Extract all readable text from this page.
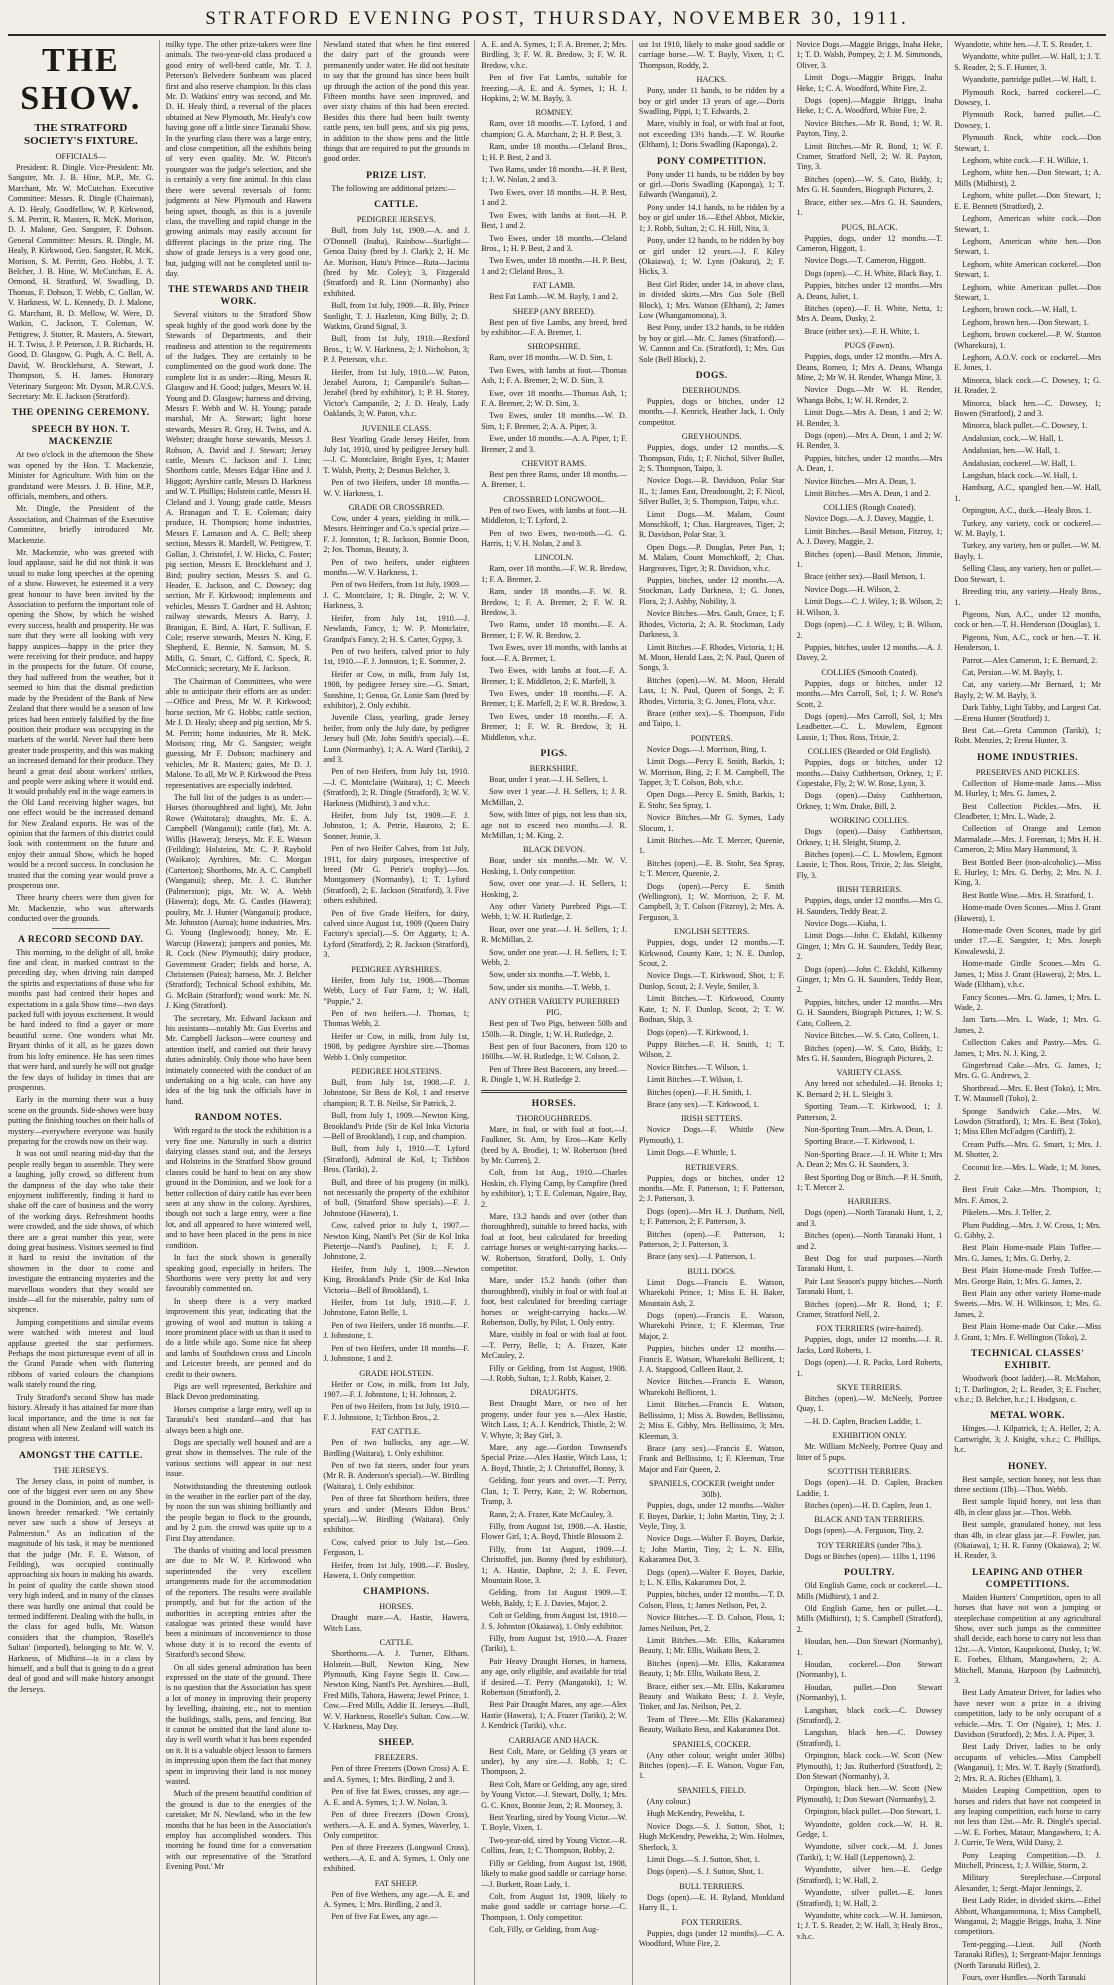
STRATFORD EVENING POST, THURSDAY, NOVEMBER 30, 1911.
THE SHOW.
THE STRATFORD SOCIETY'S FIXTURE.
OFFICIALS—

President: R. Dingle. Vice-President: Mr. Sangster, Mr. J. B. Hine, M.P., Mr. G. Marchant, Mr. W. McCutchan. Executive Committee: Messrs. R. Dingle (Chairman), A. D. Healy, Goodfellow, W. P. Kirkwood, S. M. Perritt, R. Masters, R. McK. Morison, D. J. Malone, Geo. Sangster, F. Dobson. General Committee: Messrs. R. Dingle, M. Healy, P. Kirkwood, Geo. Sangster, R. McK. Morison, S. M. Perritt, Geo. Hobbs, J. T. Belcher, J. B. Hine, W. McCutchan, E. A. Ormond, H. Stratford, W. Swadling, D. Thomas, F. Dobson, T. Webb, C. Gollan, W. V. Harkness, W. L. Kennedy, D. J. Malone, G. Marchant, R. D. Mellow, W. Were, D. Watkin, C. Jackson, T. Coleman, W. Pettigrew, J. Stotter, R. Masters, A. Stewart, H. T. Twiss, J. P. Peterson, J. B. Richards, H. Good, D. Glasgow, G. Pugh, A. C. Bell, A. David, W. Brocklehurst, A. Stewart, J. Thompson, S. H. James. Honorary Veterinary Surgeon: Mr. Dyson, M.R.C.V.S. Secretary: Mr. E. Jackson (Stratford).

THE OPENING CEREMONY.
SPEECH BY HON. T. MACKENZIE

At two o'clock in the afternoon the Show was opened by the Hon. T. Mackenzie, Minister for Agriculture. With him on the grandstand were Messrs. J. B. Hine, M.P., officials, members, and others.

Mr. Dingle, the President of the Association, and Chairman of the Executive Committee, briefly introduced Mr. Mackenzie.

Mr. Mackenzie, who was greeted with loud applause, said he did not think it was usual to make long speeches at the opening of a show. However, he esteemed it a very great honour to have been invited by the Association to perform the important role of opening the Show, by which he wished every success, health and prosperity. He was sure that they were all looking with very happy auspices—happy in the price they were receiving for their produce, and happy in the prospects for the future. Of course, they had suffered from the weather, but it seemed to him that the dismal prediction made by the President of the Bank of New Zealand that there would be a season of low prices had been entirely falsified by the fine position their produce was occupying in the markets of the world. Never had there been greater trade prosperity, and this was making an increased demand for their produce. They heard a great deal about workers' strikes, and people were asking where it would end. It would probably end in the wage earners in the Old Land receiving higher wages, but one effect would be the increased demand for New Zealand exports. He was of the opinion that the farmers of this district could look with contentment on the future and enjoy their annual Show, which he hoped would be a record success. In conclusion he trusted that the coming year would prove a prosperous one.

Three hearty cheers were then given for Mr. Mackenzie, who was afterwards conducted over the grounds.

A RECORD SECOND DAY.

This morning, to the delight of all, broke fine and clear, in marked contrast to the preceding day, when driving rain damped the spirits and expectations of those who for months past had centred their hopes and expectations in a gala Show time—two days packed full with joyous excitement. It would be hard indeed to find a gayer or more beautiful scene. One wonders what Mr. Bryant thinks of it all, as he gazes down from his lofty eminence. He has seen times that were hard, and surely he will not grudge the few days of holiday in times that are prosperous.

Early in the morning there was a busy scene on the grounds. Side-shows were busy putting the finishing touches on their halls of mystery—everywhere everyone was busily preparing for the crowds now on their way.

It was not until nearing mid-day that the people really began to assemble. They were a laughing, jolly crowd, so different from the dampness of the day who take their enjoyment indifferently, finding it hard to shake off the care of business and the worry of the working days. Refreshment booths were crowded, and the side shows, of which there are a great number this year, were doing great business. Visitors seemed to find it hard to resist the invitation of the showmen in the door to come and investigate the entrancing mysteries and the marvellous wonders that they would see inside—all for the miserable, paltry sum of sixpence.

Jumping competitions and similar events were watched with interest and loud applause greeted the star performers. Perhaps the most picturesque event of all in the Grand Parade when with fluttering ribbons of varied colours the champions walk stately round the ring.

Truly Stratford's second Show has made history. Already it has attained far more than local importance, and the time is not far distant when all New Zealand will watch its progress with interest.

AMONGST THE CATTLE.
THE JERSEYS.

The Jersey class, in point of number, is one of the biggest ever seen on any Show ground in the Dominion, and, as one well-known breeder remarked: "We certainly never saw such a show of Jerseys at Palmerston." As an indication of the magnitude of his task, it may be mentioned that the judge (Mr. F. E. Watson, of Feilding), was occupied continually approaching six hours in making his awards. In point of quality the cattle shown stood very high indeed, and in many of the classes there was hardly one animal that could be termed indifferent. Dealing with the bulls, in the class for aged bulls, Mr. Watson considers that the champion, 'Roselle's Sultan' (imported), belonging to Mr. W. V. Harkness, of Midhirst—is in a class by himself, and a bull that is going to do a great deal of good and will make history amongst the Jerseys.

milky type. The other prize-takers were fine animals. The two-year-old class produced a good entry of well-bred cattle, Mr. T. J. Peterson's Belvedere Sunbeam was placed first and also reserve champion. In this class Mr. D. Watkins' entry was second, and Mr. D. H. Healy third, a reversal of the places obtained at New Plymouth, Mr. Healy's cow having gone off a little since Taranaki Show. In the yearling class there was a large entry, and close competition, all the exhibits being of very even quality. Mr. W. Pitcon's youngster was the judge's selection, and she is certainly a very fine animal. In this class there were several reversals of form: judgments at New Plymouth and Hawera being upset, though, as this is a juvenile class, the travelling and rapid change in the growing animals may easily account for different placings in the prize ring. The show of grade Jerseys is a very good one, but, judging will not be completed until to-day.

THE STEWARDS AND THEIR WORK.

Several visitors to the Stratford Show speak highly of the good work done by the Stewards of Departments, and their readiness and attention to the requirements of the Judges. They are certainly to be complimented on the good work done. The complete list is as under:—Ring, Messrs R. Glasgow and H. Good; judges, Messrs W. H. Young and D. Glasgow; harness and driving, Messrs F. Webb and W. H. Young; parade marshal, Mr A. Stewart; light horse stewards, Messrs R. Gray, H. Twiss, and A. Webster; draught horse stewards, Messrs J. Robson, A. David and J. Stewart; Jersey cattle, Messrs C. Jackson and J. Linn; Shorthorn cattle, Messrs Edgar Hine and J. Higgott; Ayrshire cattle, Messrs D. Harkness and W. T. Phillips; Holstein cattle, Messrs H. Cleland and J. Young; grade cattle, Messrs A. Branagan and T. E. Coleman; dairy produce, H. Thompson; home industries, Messrs F. Lamason and A. C. Bell; sheep section, Messrs R. Mardell, W. Pettigrew, T. Gollan, J. Christofel, J. W. Hicks, C. Foster; pig section, Messrs E. Brocklehurst and J. Bird; poultry section, Messrs S. and G. Header, E. Jackson, and C. Dowsey; dog section, Mr F. Kirkwood; implements and vehicles, Messrs T. Gardner and H. Ashton; railway stewards, Messrs A. Barry, J. Branigan, E. Bird, A. Hart, F. Sullivan, F. Cole; reserve stewards, Messrs N. King, F. Shepherd, E. Bennie, N. Samson, M. S. Mills, G. Smart, C. Gifford, C. Speck, R. McCormick; secretary, Mr E. Jackson.

The Chairman of Committees, who were able to anticipate their efforts are as under:—Office and Press, Mr W. P. Kirkwood; horse section, Mr G. Hobbs; cattle section, Mr J. D. Healy; sheep and pig section, Mr S. M. Perritt; home industries, Mr R. McK. Morison; ring, Mr G. Sangster; weight guessing, Mr F. Dobson; machinery and vehicles, Mr R. Masters; gates, Mr D. J. Malone. To all, Mr W. P. Kirkwood the Press representatives are especially indebted.

The full list of the judges is as under:—Horses (thoroughbred and light), Mr. John Rowe (Waitotara); draughts, Mr. E. A. Campbell (Wanganui); cattle (fat), Mr. A. Willis (Hawera); Jerseys, Mr. F. E. Watson (Feilding); Holsteins, Mr. C. P. Raybold (Waikato); Ayrshires, Mr. C. Morgan (Carterton); Shorthorns, Mr. A. C. Campbell (Wanganui); sheep, Mr. J. C. Butcher (Palmerston); pigs, Mr. W. A. Webb (Hawera); dogs, Mr. G. Castles (Hawera); poultry, Mr. J. Hunter (Wanganui); produce, Mr. Johnston (Auroa); home industries, Mrs. G. Young (Inglewood); honey, Mr. E. Warcup (Hawera); jumpers and ponies, Mr. R. Cock (New Plymouth); dairy produce, Government Grader; fields and horse, A. Christensen (Patea); harness, Mr. J. Belcher (Stratford); Technical School exhibits, Mr. G. McBain (Stratford); wood work: Mr. N. J. King (Stratford).

The secretary, Mr. Edward Jackson and his assistants—notably Mr. Gus Everiss and Mr. Campbell Jackson—were courtesy and attention itself, and carried out their heavy duties admirably. Only those who have been intimately connected with the conduct of an undertaking on a big scale, can have any idea of the big task the officials have in hand.

RANDOM NOTES.

With regard to the stock the exhibition is a very fine one. Naturally in such a district dairying classes stand out, and the Jerseys and Holsteins in the Stratford Show ground classes could be hard to beat on any show ground in the Dominion, and we look for a better collection of dairy cattle has ever been seen at any show in the colony. Ayrshires, though not such a large entry, were a fine lot, and all appeared to have wintered well, and to have been placed in the pens in nice condition.

In fact the stock shown is generally speaking good, especially in heifers. The Shorthorns were very pretty lot and very favourably commented on.

In sheep there is a very marked improvement this year, indicating that the growing of wool and mutton is taking a more prominent place with us than it used to do a little while ago. Some nice fat sheep and lambs of Southdown cross and Lincoln and Leicester breeds, are penned and do credit to their owners.

Pigs are well represented, Berkshire and Black Devon predominating.

Horses comprise a large entry, well up to Taranaki's best standard—and that has always been a high one.

Dogs are specially well housed and are a great show in themselves. The rule of the various sections will appear in our next issue.

Notwithstanding the threatening outlook in the weather in the earlier part of the day, by noon the sun was shining brilliantly and the people began to flock to the grounds, and by 2 p.m. the crowd was quite up to a First Day attendance.

The thanks of visiting and local pressmen are due to Mr W. P. Kirkwood who superintended the very excellent arrangements made for the accommodation of the reporters. The results were available promptly, and but for the action of the authorities in accepting entries after the catalogue was printed these would have been a minimum of inconvenience to those whose duty it is to record the events of Stratford's second Show.

On all sides general admiration has been expressed on the state of the ground. There is no question that the Association has spent a lot of money in improving their property by levelling, draining, etc., not to mention the buildings, stalls, pens, and fencing. But it cannot be omitted that the land alone to-day is well worth what it has been expended on it. It is a valuable object lesson to farmers in impressing upon them the fact that money spent in improving their land is not money wasted.

Much of the present beautiful condition of the ground is due to the energies of the caretaker, Mr N. Newland, who in the few months that he has been in the Association's employ has accomplished wonders. This morning he found time for a conversation with our representative of the 'Stratford Evening Post.' Mr

Newland stated that when he first entered the dairy part of the grounds were permanently under water. He did not hesitate to say that the ground has since been built up through the action of the pond this year. Fifteen months have seen improved, and over sixty chains of this had been erected. Besides this there had been built twenty cattle pens, ten bull pens, and six pig pens, in addition to the show pens and the little things that are required to put the grounds in good order.

PRIZE LIST.

The following are additional prizes:—

CATTLE.
PEDIGREE JERSEYS.

Bull, from July 1st, 1909.—A. and J. O'Donnell (Inaha), Rainbow—Starlight—Genoa Daisy (bred by J. Clark); 2, H. Mc Ae. Morison, Hatu's Prince—Ruta—Jacinta (bred by Mr. Coley); 3, Fitzgerald (Stratford) and R. Linn (Normanby) also exhibited.

Bull, from 1st July, 1909.—R. Bly, Prince Sunlight, T. J. Hazleton, King Billy, 2; D. Watkins, Grand Signal, 3.

Bull, from 1st July, 1910.—Rexford Bros., 1; W. V. Harkness, 2; J. Nicholson, 3; P. J. Peterson, v.h.c.

Heifer, from 1st July, 1910.—W. Paton, Jezabel Aurora, 1; Campanile's Sultan—Jezabel (bred by exhibitor), 1; P. H. Storey, Victor's Campanile, 2; J. D. Healy, Lady Oaklands, 3; W. Paton, v.h.c.

JUVENILE CLASS.

Best Yearling Grade Jersey Heifer, from July 1st, 1910, sired by pedigree Jersey bull.—J. C. Montclaire, Bright Eyes, 1; Master T. Walsh, Pretty, 2; Desmus Belcher, 3.

Pen of two Heifers, under 18 months.—W. V. Harkness, 1.

GRADE OR CROSSBRED.

Cow, under 4 years, yielding in milk.—Messrs. Heitringer and Co.'s special prize.—F. J. Jonnston, 1; R. Jackson, Bonnie Doon, 2; Jos. Thomas, Beauty, 3.

Pen of two heifers, under eighteen months.—W. V. Harkness, 1.

Pen of two Heifers, from 1st July, 1909.—J. C. Montclaire, 1; R. Dingle, 2; W. V. Harkness, 3.

Heifer, from July 1st, 1910.—J. Newlands, Fancy, 1; W. P. Montclaire, Grandpa's Fancy, 2; H. S. Carter, Gypsy, 3.

Pen of two heifers, calved prior to July 1st, 1910.—F. J. Jonnston, 1; E. Sommer, 2.

Heifer or Cow, in milk, from July 1st, 1908, by pedigree Jersey sire.—G. Smart, Sunshine, 1; Genoa, Gr. Lonie Sam (bred by exhibitor), 2. Only exhibit.

Juvenile Class, yearling, grade Jersey heifer, from only the July date, by pedigree Jersey bull (Mr. John Smith's special).—E. Lunn (Normanby), 1; A. A. Ward (Tariki), 2 and 3.

Pen of two Heifers, from July 1st, 1910.—J. C. Montclaire (Waitara), 1; C. Meech (Stratford), 2; R. Dingle (Stratford), 3; W. V. Harkness (Midhirst), 3 and v.h.c.

Heifer, from July 1st, 1909.—F. J. Johnston, 1; A. Petrie, Hauroto, 2; E. Sonner, Jeanie, 3.

Pen of two Heifer Calves, from 1st July, 1911, for dairy purposes, irrespective of breed (Mr G. Petrie's trophy).—Jos. Montgomery (Normanby), 1; T. Lyford (Stratford), 2; E. Jackson (Stratford), 3. Five others exhibited.

Pen of five Grade Heifers, for dairy, calved since August 1st, 1909 (Queen Dairy Factory's special).—S. Orr Aggarty, 1; A. Lyford (Stratford), 2; R. Jackson (Stratford), 3.

PEDIGREE AYRSHIRES.

Heifer, from July 1st, 1908.—Thomas Webb, Lucy of Fair Farm, 1; W. Hall, "Poppie," 2.

Pen of two heifers.—J. Thomas, 1; Thomas Webb, 2.

Heifer or Cow, in milk, from July 1st, 1908, by pedigree Ayrshire sire.—Thomas Webb 1. Only competitor.

PEDIGREE HOLSTEINS.

Bull, from July 1st, 1908.—F. J. Johnstone, Sir Bess de Kol, 1 and reserve champion; R. T. B. Neilse, Sir Patrick, 2.

Bull, from July 1, 1909.—Newton King, Brookland's Pride (Sir de Kol Inka Victoria—Bell of Brookland), 1 cup, and champion.

Bull, from July 1, 1910.—T. Lyford (Stratford), Admiral de Kol, 1; Tichbon Bros. (Tariki), 2.

Bull, and three of his progeny (in milk), not necessarily the property of the exhibitor of bull, (Stratford Show specials).—F. J. Johnstone (Hawera), 1.

Cow, calved prior to July 1, 1907.—Newton King, Nantl's Pet (Sir de Kol Inka Pietertje—Nantl's Pauline), 1; F. J. Johnstone, 2.

Heifer, from July 1, 1909.—Newton King, Brookland's Pride (Sir de Kol Inka Victoria—Bell of Brookland), 1.

Heifer, from 1st July, 1910.—F. J. Johnstone, Eaton Belle, 1.

Pen of two Heifers, under 18 months.—F. J. Johnstone, 1.

Pen of two Heifers, under 18 months—F. J. Johnstone, 1 and 2.

GRADE HOLSTEIN.

Heifer or Cow, in milk, from 1st July, 1907.—F. J. Johnstone, 1; H. Johnson, 2.

Pen of two Heifers, from 1st July, 1910.—F. J. Johnstone, 1; Tichbon Bros., 2.

FAT CATTLE.

Pen of two bullocks, any age.—W. Birdling (Waitara), 1. Only exhibitor.

Pen of two fat steers, under four years (Mr R. B. Anderson's special).—W. Birdling (Waitara), 1. Only exhibitor.

Pen of three fat Shorthorn heifers, three years and under (Messrs Eldon Bros.' special).—W. Birdling (Waitara). Only exhibitor.

Cow, calved prior to July 1st.—Geo. Ferguson, 1.

Heifer, from 1st July, 1908.—F. Bosley, Hawera, 1. Only competitor.

CHAMPIONS.
HORSES.

Draught mare.—A. Hastie, Hawera, Witch Lass.

CATTLE.

Shorthorns.—A. J. Turner, Eltham. Holstein.—Bull, Newton King, New Plymouth, King Fayne Segis II. Cow.—Newton King, Nantl's Pet. Ayrshires.—Bull, Fred Mills, Tahora, Hawera; Jewel Prince, 1. Cow.—Fred Mills, Addie II. Jerseys.—Bull, W. V. Harkness, Roselle's Sultan. Cow.—W. V. Harkness, May Day.

SHEEP.
FREEZERS.

Pen of three Freezers (Down Cross) A. E. and A. Symes, 1; Mrs. Birdling, 2 and 3.

Pen of five fat Ewes, crosses, any age.—A. E. and A. Symes, 1; J. W. Nolan, 3.

Pen of three Freezers (Down Cross), wethers.—A. E. and A. Symes, Waverley, 1. Only competitor.

Pen of three Freezers (Longwool Cross), wethers.—A. E. and A. Symes, 1. Only one exhibited.

FAT SHEEP.

Pen of five Wethers, any age.—A. E. and A. Symes, 1; Mrs. Birdling, 2 and 3.

Pen of five Fat Ewes, any age.—

A. E. and A. Symes, 1; F. A. Bremer, 2; Mrs. Birdling, 3; F. W. R. Bredow, 3; F. W. R. Bredow, v.h.c.

Pen of five Fat Lambs, suitable for freezing.—A. E. and A. Symes, 1; H. J. Hopkins, 2; W. M. Bayly, 3.

ROMNEY.

Ram, over 18 months.—T. Lyford, 1 and champion; G. A. Marchant, 2; H. P. Best, 3.

Ram, under 18 months.—Cleland Bros., 1; H. P. Best, 2 and 3.

Two Rams, under 18 months.—H. P. Best, 1; J. W. Nolan, 2 and 3.

Two Ewes, over 18 months.—H. P. Best, 1 and 2.

Two Ewes, with lambs at foot.—H. P. Best, 1 and 2.

Two Ewes, under 18 months.—Cleland Bros., 1; H. P. Best, 2 and 3.

Two Ewes, under 18 months.—H. P. Best, 1 and 2; Cleland Bros., 3.

FAT LAMB.

Best Fat Lamb.—W. M. Bayly, 1 and 2.

SHEEP (ANY BREED).

Best pen of five Lambs, any breed, bred by exhibitor.—F. A. Bremer, 1.

SHROPSHIRE.

Ram, over 18 months.—W. D. Sim, 1.

Two Ewes, with lambs at foot.—Thomas Ash, 1; F. A. Bremer, 2; W. D. Sim, 3.

Ewe, over 18 months.—Thomas Ash, 1; F. A. Bremer, 2; W. D. Sim, 3.

Two Ewes, under 18 months.—W. D. Sim, 1; F. Bremer, 2; A. A. Piper, 3.

Ewe, under 18 months.—A. A. Piper, 1; F. Bremer, 2 and 3.

CHEVIOT RAMS.

Best pen three Rams, under 18 months.—A. Bremer, 1.

CROSSBRED LONGWOOL.

Pen of two Ewes, with lambs at foot.—H. Middleton, 1; T. Lyford, 2.

Pen of two Ewes, two-tooth.—G. G. Harris, 1; V. H. Nolan, 2 and 3.

LINCOLN.

Ram, over 18 months.—F. W. R. Bredow, 1; F. A. Bremer, 2.

Ram, under 18 months.—F. W. R. Bredow, 1; F. A. Bremer, 2; F. W. R. Bredow, 3.

Two Rams, under 18 months.—F. A. Bremer, 1; F. W. R. Bredow, 2.

Two Ewes, over 18 months, with lambs at foot.—F. A. Bremer, 1.

Two Ewes, with lambs at foot.—F. A. Bremer, 1; E. Middleton, 2; E. Marfell, 3.

Two Ewes, under 18 months.—F. A. Bremer, 1; E. Marfell, 2; F. W. R. Bredow, 3.

Two Ewes, under 18 months.—F. A. Bremer, 1; F. W. R. Bredow, 3; H. Middleton, v.h.c.

PIGS.
BERKSHIRE.

Boar, under 1 year.—J. H. Sellers, 1.

Sow over 1 year.—J. H. Sellers, 1; J. R. McMillan, 2.

Sow, with litter of pigs, not less than six, age not to exceed two months.—J. R. McMillan, 1; M. King, 2.

BLACK DEVON.

Boar, under six months.—Mr. W. V. Hosking, 1. Only competitor.

Sow, over one year.—J. H. Sellers, 1; Hosking, 2.

Any other Variety Purebred Pigs.—T. Webb, 1; W. H. Rutledge, 2.

Boar, over one year.—J. H. Sellers, 1; J. R. McMillan, 2.

Sow, under one year.—J. H. Sellers, 1; T. Webb, 2.

Sow, under six months.—T. Webb, 1.

Sow, under six months.—T. Webb, 1.

ANY OTHER VARIETY PUREBRED PIG.

Best pen of Two Pigs, between 50lb and 150lb.—R. Dingle, 1; W. H. Rutledge, 2.

Best pen of four Baconers, from 120 to 160lbs.—W. H. Rutledge, 1; W. Colson, 2.

Pen of Three Best Baconers, any breed.—R. Dingle 1, W. H. Rutledge 2.

HORSES.
THOROUGHBREDS.

Mare, in foal, or with foal at foot.—J. Faulkner, St. Ann, by Eros—Kate Kelly (bred by A. Brodie), 1; W. Robertson (bred by Mr. Curren), 2.

Colt, from 1st Aug., 1910.—Charles Hoskin, ch. Flying Camp, by Campfire (bred by exhibitor), 1; T. E. Coleman, Ngaire, Bay, 2.

Mare, 13.2 hands and over (other than thoroughbred), suitable to breed hacks, with foal at foot, best calculated for breeding carriage horses or weight-carrying hacks.—W. Robertson, Stratford, Dolly, 1. Only competitor.

Mare, under 15.2 hands (other than thoroughbred), visibly in foal or with foal at foot, best calculated for breeding carriage horses or weight-carrying hacks.—W. Robertson, Dolly, by Pilot, 1. Only entry.

Mare, visibly in foal or with foal at foot.—T. Perry, Belle, 1; A. Frazer, Kate McCauley, 2.

Filly or Gelding, from 1st August, 1908.—J. Robb, Sultan, 1; J. Robb, Kaiser, 2.

DRAUGHTS.

Best Draught Mare, or two of her progeny, under four yea s.—Alex Hastie, Witch Lass, 1; A. J. Kendrick, Thistle, 2; W. V. Whyte, 3; Bay Girl, 3.

Mare, any age.—Gordon Townsend's Special Prize.—Alex Hastie, Witch Lass, 1; A. Boyd, Thistle, 2; J. Christoffel, Bonny, 3.

Gelding, four years and over.—T. Perry, Clan, 1; T. Perry, Kate, 2; W. Robertson, Tramp, 3.

Rann, 2; A. Frazer, Kate McCauley, 3.

Filly, from August 1st, 1908.—A. Hastie, Flower Girl, 1; A. Boyd, Thistle Blossom 2.

Filly, from 1st August, 1909.—J. Christoffel, jun. Bonny (bred by exhibitor), 1; A. Hastie, Daphne, 2; J. E. Fever, Mountain Rose, 3.

Gelding, from 1st August 1909.—T. Webb, Baldy, 1; E. J. Davies, Major, 2.

Colt or Gelding, from August 1st, 1910.—J. S. Johnston (Okaiawa), 1. Only exhibitor.

Filly, from August 1st, 1910.—A. Frazer (Tariki), 1.

Pair Heavy Draught Horses, in harness, any age, only eligible, and available for trial if desired.—T. Perry (Mangatoki), 1; W. Robertson (Stratford), 2.

Best Pair Draught Mares, any age.—Alex Hastie (Hawera), 1; A. Frazer (Tariki), 2; W. J. Kendrick (Tariki), v.h.c.

CARRIAGE AND HACK.

Best Colt, Mare, or Gelding (3 years or under), by any sire.—J. Robb, 1; C. Thompson, 2.

Best Colt, Mare or Gelding, any age, sired by Young Victor.—J. Stewart, Dolly, 1; Mrs. G. C. Knox, Bonnie Jean, 2; R. Moorsey, 3.

Best Yearling, sired by Young Victor.—W. T. Boyle, Vixen, 1.

Two-year-old, sired by Young Victor.—R. Collins, Jean, 1; C. Thompson, Bobby, 2.

Filly or Gelding, from August 1st, 1908, likely to make good saddle or carriage horse.—J. Burkett, Roan Lady, 1.

Colt, from August 1st, 1909, likely to make good saddle or carriage horse.—C. Thompson, 1. Only competitor.

Colt, Filly, or Gelding, from Aug-

ust 1st 1910, likely to make good saddle or carriage horse.—W. T. Bayly, Vixen, 1; C. Thompson, Roddy, 2.

HACKS.

Pony, under 11 hands, to be ridden by a boy or girl under 13 years of age.—Doris Swadling, Pippi, 1; T. Edwards, 2.

Mare, visibly in foal, or with foal at foot, not exceeding 13½ hands.—T. W. Rourke (Eltham), 1; Doris Swadling (Kaponga), 2.

PONY COMPETITION.

Pony under 11 hands, to be ridden by boy or girl.—Doris Swadling (Kaponga), 1; T. Edwards (Wanganui), 2.

Pony under 14.1 hands, to be ridden by a boy or girl under 16.—Ethel Abbot, Mickie, 1; J. Robb, Sultan, 2; C. H. Hill, Nita, 3.

Pony, under 12 hands, to be ridden by boy or girl under 12 years.—J. F. Kiley (Okaiawa), 1; W. Lynn (Oakura), 2; F. Hicks, 3.

Best Girl Rider, under 14, in above class, in divided skirts.—Mrs Gus Sole (Bell Block), 1; Mrs. Watson (Eltham), 2; James Low (Whangamomona), 3.

Best Pony, under 13.2 hands, to be ridden by boy or girl.—Mr. C. James (Stratford).—W. Cannon and Co. (Stratford), 1; Mrs. Gus Sole (Bell Block), 2.

DOGS.
DEERHOUNDS.

Puppies, dogs or bitches, under 12 months.—J. Kenrick, Heather Jack, 1. Only competitor.

GREYHOUNDS.

Puppies, dogs, under 12 months.—S. Thompson, Fido, 1; F. Nichol, Silver Bullet, 2; S. Thompson, Taipo, 3.

Novice Dogs.—R. Davidson, Polar Star II., 1; James East, Dreadnought, 2; F. Nicol, Silver Bullet, 3; S. Thompson, Taipo, v.h.c.

Limit Dogs.—M. Malam, Count Monschkoff, 1; Chas. Hargreaves, Tiger, 2; R. Davidson, Polar Star, 3.

Open Dogs.—P. Douglas, Peter Pan, 1; M. Malam, Count Monschkoff, 2; Chas. Hargreaves, Tiger, 3; R. Davidson, v.h.c.

Puppies, bitches, under 12 months.—A. Stockman, Lady Darkness, 1; G. Jones, Flora, 2; J. Ashby, Nobility, 3.

Novice Bitches.—Mrs. Gault, Grace, 1; F. Rhodes, Victoria, 2; A. R. Stockman, Lady Darkness, 3.

Limit Bitches.—F. Rhodes, Victoria, 1; H. M. Moon, Herald Lass, 2; N. Paul, Queen of Songs, 3.

Bitches (open).—W. M. Moon, Herald Lass, 1; N. Paul, Queen of Songs, 2; F. Rhodes, Victoria, 3; G. Jones, Flora, v.h.c.

Brace (either sex).—S. Thompson, Fido and Taipo, 1.

POINTERS.

Novice Dogs.—J. Morrison, Bing, 1.

Limit Dogs.—Percy E. Smith, Barkis, 1; W. Morrison, Bing, 2; F. M. Campbell, The Tapper, 3; T. Colson, Bob, v.h.c.

Open Dogs.—Percy E. Smith, Barkis, 1; E. Stohr, Sea Spray, 1.

Novice Bitches.—Mr G. Symes, Lady Slocum, 1.

Limit Bitches.—Mr. T. Mercer, Queenie, 1.

Bitches (open).—E. B. Stohr, Sea Spray, 1; T. Mercer, Queenie, 2.

Dogs (open).—Percy E. Smith (Wellington), 1; W. Morrison, 2; F. M. Campbell, 3; T. Colson (Fitzroy), 2; Mrs. A. Ferguson, 3.

ENGLISH SETTERS.

Puppies, dogs, under 12 months.—T. Kirkwood, County Kate, 1; N. E. Dunlop, Scout, 2.

Novice Dogs.—T. Kirkwood, Shot, 1; F. Dunlop, Scout, 2; J. Veyle, Smiler, 3.

Limit Bitches.—T. Kirkwood, County Kate, 1; N. F. Dunlop, Scout, 2; T. W. Bodnan, Skip, 3.

Dogs (open).—T. Kirkwood, 1.

Puppy Bitches.—F. H. Smith, 1; T. Wilson, 2.

Novice Bitches.—T. Wilson, 1.

Limit Bitches.—T. Wilson, 1.

Bitches (open).—F. H. Smith, 1.

Brace (any sex).—T. Kirkwood, 1.

IRISH SETTERS.

Novice Dogs.—F. Whittle (New Plymouth), 1.

Limit Dogs.—F. Whittle, 1.

RETRIEVERS.

Puppies, dogs or bitches, under 12 months.—Mr. F. Patterson, 1; F. Patterson, 2; J. Patterson, 3.

Dogs (open).—Mrs H. J. Dunham, Nell, 1; F. Patterson, 2; F. Patterson, 3.

Bitches (open).—F. Patterson, 1; Patterson, 2; J. Patterson, 3.

Brace (any sex).—J. Patterson, 1.

BULL DOGS.

Limit Dogs.—Francis E. Watson, Wharekohi Prince, 1; Miss E. H. Baker, Mountain Ash, 2.

Dogs (open).—Francis E. Watson, Wharekohi Prince, 1; F. Kleeman, True Major, 2.

Puppies, bitches under 12 months.—Francis E. Watson, Wharekohi Bellicent, 1; J. A. Stapgood, Colleen Baur, 2.

Novice Bitches.—Francis E. Watson, Wharekohi Bellicent, 1.

Limit Bitches.—Francis E. Watson, Bellissimo, 1; Miss A. Bowden, Bellissimo, 2; Miss E. Gibby, Mrs. Bellissimo, 3; Mrs. Kleeman, 3.

Brace (any sex).—Francis E. Watson, Frank and Bellissimo, 1; F. Kleeman, True Major and Fair Queen, 2.

SPANIELS, COCKER (weight under 30lb).

Puppies, dogs, under 12 months.—Walter F. Boyes, Darkie, 1; John Martin, Tiny, 2; J. Veyle, Tiny, 3.

Novice Dogs.—Walter F. Boyes, Darkie, 1; John Martin, Tiny, 2; L. N. Ellis, Kakaramea Dot, 3.

Dogs (open).—Walter F. Boyes, Darkie, 1; L. N. Ellis, Kakaramea Dot, 2.

Puppies, bitches, under 12 months.—T. D. Colson, Floss, 1; James Neilson, Pet, 2.

Novice Bitches.—T. D. Colson, Floss, 1; James Neilson, Pet, 2.

Limit Bitches.—Mr. Ellis, Kakaramea Beauty, 1; Mr. Ellis, Waikato Bess, 2.

Bitches (open).—Mr. Ellis, Kakaramea Beauty, 1; Mr. Ellis, Waikato Bess, 2.

Brace, either sex.—Mr. Ellis, Kakaramea Beauty and Waikato Bess; J. J. Veyle, Tinker, and Jas. Neilson, Pet, 2.

Team of Three.—Mr. Ellis (Kakaramea) Beauty, Waikato Bess, and Kakaramea Dot.

SPANIELS, COCKER.

(Any other colour, weight under 30lbs) Bitches (open).—F. E. Watson, Vogue Fan, 1.

SPANIELS, FIELD.

(Any colour.)

Hugh McKendry, Pewekha, 1.

Novice Dogs.—S. J. Sutton, Shot, 1; Hugh McKendry, Pewekha, 2; Wm. Holmes, Sherlock, 3.

Limit Dogs.—S. J. Sutton, Shot, 1.

Dogs (open).—S. J. Sutton, Shot, 1.

BULL TERRIERS.

Dogs (open).—E. H. Ryland, Monkland Harry II., 1.

FOX TERRIERS.

Puppies, dogs (under 12 months).—C. A. Woodford, White Fire, 2.

Novice Dogs.—Maggie Briggs, Inaha Heke, 1; T. D. Walsh, Pompey, 2; J. M. Simmonds, Oliver, 3.

Limit Dogs.—Maggie Briggs, Inaha Heke, 1; C. A. Woodford, White Fire, 2.

Dogs (open).—Maggie Briggs, Inaha Heke, 1; C. A. Woodford, White Fire, 2.

Novice Bitches.—Mr R. Bond, 1; W. R. Payton, Tiny, 2.

Limit Bitches.—Mr R. Bond, 1; W. F. Cramer, Stratford Nell, 2; W. R. Payton, Tiny, 3.

Bitches (open).—W. S. Cato, Biddy, 1; Mrs G. H. Saunders, Biograph Pictures, 2.

Brace, either sex.—Mrs G. H. Saunders, 1.

PUGS, BLACK.

Puppies, dogs, under 12 months.—T. Cameron, Higgott, 1.

Novice Dogs.—T. Cameron, Higgott.

Dogs (open).—C. H. White, Black Bay, 1.

Puppies, bitches under 12 months.—Mrs A. Deans, Juliet, 1.

Bitches (open).—F. H. White, Netta, 1; Mrs A. Deans, Dusky, 2.

Brace (either sex).—F. H. White, 1.

PUGS (Fawn).

Puppies, dogs, under 12 months.—Mrs A. Deans, Romeo, 1; Mrs A. Deans, Whanga Mine, 2; Mr W. H. Render, Whanga Mine, 3.

Novice Dogs.—Mr W. H. Render, Whanga Bobs, 1; W. H. Render, 2.

Limit Dogs.—Mrs A. Dean, 1 and 2; W. H. Render, 3.

Dogs (open).—Mrs A. Dean, 1 and 2; W. H. Render, 3.

Puppies, bitches, under 12 months.—Mrs A. Dean, 1.

Novice Bitches.—Mrs A. Dean, 1.

Limit Bitches.—Mrs A. Dean, 1 and 2.

COLLIES (Rough Coated).

Novice Dogs.—A. J. Davey, Maggie, 1.

Limit Bitches.—Basil Metson, Fitzroy, 1; A. J. Davey, Maggie, 2.

Bitches (open).—Basil Metson, Jimmie, 1.

Brace (either sex).—Basil Metson, 1.

Novice Dogs.—H. Wilson, 2.

Limit Dogs.—C. J. Wiley, 1; B. Wilson, 2; H. Wilson, 3.

Dogs (open).—C. J. Wiley, 1; B. Wilson, 2.

Puppies, bitches, under 12 months.—A. J. Davey, 2.

COLLIES (Smooth Coated).

Puppies, dogs or bitches, under 12 months.—Mrs Carroll, Sol, 1; J. W. Rose's Scott, 2.

Dogs (open).—Mrs Carroll, Sol, 1; Mrs Leadbetter.—C. L. Mowlem, Egmont Lassie, 1; Thos. Ross, Trixie, 2.

COLLIES (Bearded or Old English).

Puppies, dogs or bitches, under 12 months.—Daisy Cuthbertson, Orkney, 1; F. Copestake, Fly, 2; W. W. Rose, Lyon, 3.

Dogs (open).—Daisy Cuthbertson, Orkney, 1; Wm. Drake, Bill, 2.

WORKING COLLIES.

Dogs (open).—Daisy Cuthbertson, Orkney, 1; H. Sleight, Stump, 2.

Bitches (open).—C. L. Mowlem, Egmont Lassie, 1; Thos. Ross, Trixie, 2; Jas. Sleight, Fly, 3.

IRISH TERRIERS.

Puppies, dogs, under 12 months.—Mrs G. H. Saunders, Teddy Bear, 2.

Novice Dogs.—Kiaha, 1.

Limit Dogs.—John C. Ekdahl, Kilkenny Ginger, 1; Mrs G. H. Saunders, Teddy Bear, 2.

Dogs (open).—John C. Ekdahl, Kilkenny Ginger, 1; Mrs G. H. Saunders, Teddy Bear, 2.

Puppies, bitches, under 12 months.—Mrs G. H. Saunders, Biograph Pictures, 1; W. S. Cato, Colleen, 2.

Novice Bitches.—W. S. Cato, Colleen, 1.

Bitches (open).—W. S. Cato, Biddy, 1; Mrs G. H. Saunders, Biograph Pictures, 2.

VARIETY CLASS.

Any breed not scheduled.—H. Brooks 1; K. Bernard 2; H. L. Sleight 3.

Sporting Team.—T. Kirkwood, 1; J. Patterson, 2.

Non-Sporting Team.—Mrs. A. Dean, 1.

Sporting Brace.—T. Kirkwood, 1.

Non-Sporting Brace.—J. H. White 1; Mrs A. Dean 2; Mrs G. H. Saunders, 3.

Best Sporting Dog or Bitch.—P. H. Smith, 1; T. Mercer 2.

HARRIERS.

Dogs (open).—North Taranaki Hunt, 1, 2, and 3.

Bitches (open).—North Taranaki Hunt, 1 and 2.

Best Dog for stud purposes.—North Taranaki Hunt, 1.

Pair Last Season's puppy bitches.—North Taranaki Hunt, 1.

Bitches (open).—Mr R. Bond, 1; F. Cramer, Stratford Nell, 2.

FOX TERRIERS (wire-haired).

Puppies, dogs, under 12 months.—J. R. Jacks, Lord Roberts, 1.

Dogs (open).—J. R. Packs, Lord Roberts, 1.

SKYE TERRIERS.

Bitches (open).—W. McNeely, Portree Quay, 1.

—H. D. Caplen, Bracken Laddie, 1.

EXHIBITION ONLY.

Mr. William McNeely, Portree Quay and litter of 5 pups.

SCOTTISH TERRIERS.

Dogs (open).—H. D. Caplen, Bracken Laddie, 1.

Bitches (open).—H. D. Caplen, Jean 1.

BLACK AND TAN TERRIERS.

Dogs (open).—A. Ferguson, Tiny, 2.

TOY TERRIERS (under 7lbs.).

Dogs or Bitches (open).— 11lbs 1, 1196

POULTRY.

Old English Game, cock or cockerel.—L. Mills (Midhirst), 1 and 2.

Old English Game, hen or pullet.—L. Mills (Midhirst), 1; S. Campbell (Stratford), 2.

Houdan, hen.—Don Stewart (Normanby), 1.

Houdan, cockerel.—Don Stewart (Normanby), 1.

Houdan, pullet.—Don Stewart (Normanby), 1.

Langshan, black cock.—C. Dowsey (Stratford), 2.

Langshan, black hen.—C. Dowsey (Stratford), 1.

Orpington, black cock.—W. Scott (New Plymouth), 1; Jas. Rutherford (Stratford), 2; Don Stewart (Normanby), 3.

Orpington, black hen.—W. Scott (New Plymouth), 1; Don Stewart (Normanby), 2.

Orpington, black pullet.—Don Stewart, 1.

Wyandotte, golden cock.—W. H. R. Gedge, 1.

Wyandotte, silver cock.—M. J. Jones (Tariki), 1; W. Hall (Leppertown), 2.

Wyandotte, silver hen.—E. Gedge (Stratford), 1; W. Hall, 2.

Wyandotte, silver pullet.—E. Jones (Stratford), 1; W. Hall, 2.

Wyandotte, white cock.—W. H. Jamieson, 1; J. T. S. Reader, 2; W. Hall, 3; Healy Bros., v.h.c.

Wyandotte, white hen.—J. T. S. Reader, 1.

Wyandotte, white pullet.—W. Hall, 1; J. T. S. Reader, 2; S. F. Hunter, 3.

Wyandotte, partridge pullet.—W. Hall, 1.

Plymouth Rock, barred cockerel.—C. Dowsey, 1.

Plymouth Rock, barred pullet.—C. Dowsey, 1.

Plymouth Rock, white cock.—Don Stewart, 1.

Leghorn, white cock.—F. H. Wilkie, 1.

Leghorn, white hen.—Don Stewart, 1; A. Mills (Midhirst), 2.

Leghorn, white pullet.—Don Stewart, 1; E. E. Bennett (Stratford), 2.

Leghorn, American white cock.—Don Stewart, 1.

Leghorn, American white hen.—Don Stewart, 1.

Leghorn, white American cockerel.—Don Stewart, 1.

Leghorn, white American pullet.—Don Stewart, 1.

Leghorn, brown cock.—W. Hall, 1.

Leghorn, brown hen.—Don Stewart, 1.

Leghorn, brown cockerel.—P. W. Stanton (Wharekura), 1.

Leghorn, A.O.V. cock or cockerel.—Mrs E. Jones, 1.

Minorca, black cock.—C. Dowsey, 1; G. H. Reader, 2.

Minorca, black hen.—C. Dowsey, 1; Bowen (Stratford), 2 and 3.

Minorca, black pullet.—C. Dowsey, 1.

Andalusian, cock.—W. Hall, 1.

Andalusian, hen.—W. Hall, 1.

Andalusian, cockerel.—W. Hall, 1.

Langshan, black cock.—W. Hall, 1.

Hamburg, A.C., spangled hen.—W. Hall, 1.

Orpington, A.C., duck.—Healy Bros. 1.

Turkey, any variety, cock or cockerel.—W. M. Bayly, 1.

Turkey, any variety, hen or pullet.—W. M. Bayly, 1.

Selling Class, any variety, hen or pullet.—Don Stewart, 1.

Breeding trio, any variety.—Healy Bros., 1.

Pigeons, Nun, A.C., under 12 months, cock or hen.—T. H. Henderson (Douglas), 1.

Pigeons, Nun, A.C., cock or hen.—T. H. Henderson, 1.

Parrot.—Alex Cameron, 1; E. Bernard, 2.

Cat, Persian.—W. M. Bayly, 1.

Cat, any variety.—Mr Bernard, 1; Mr Bayly, 2; W. M. Bayly, 3.

Dark Tabby, Light Tabby, and Largest Cat.—Erena Hunter (Stratford) 1.

Best Cat.—Greta Cammon (Tariki), 1; Robt. Menzies, 2; Erena Hunter, 3.

HOME INDUSTRIES.
PRESERVES AND PICKLES.

Collection of Home-made Jams.—Miss M. Hurley, 1; Mrs. G. James, 2.

Best Collection Pickles.—Mrs. H. Cleadbeter, 1; Mrs. L. Wade, 2.

Collection of Orange and Lemon Marmalade.—Mrs. J. Foreman, 1; Mrs H. H. Cameron, 2; Miss Mary Hammond, 3.

Best Bottled Beer (non-alcoholic).—Miss E. Hurley, 1; Mrs. G. Derby, 2; Mrs. N. J. King, 3.

Best Bottle Wine.—Mrs. H. Stratford, 1.

Home-made Oven Scones.—Miss J. Grant (Hawera), 1.

Home-made Oven Scones, made by girl under 17.—E. Sangster, 1; Mrs. Joseph Kowalewski, 2.

Home-made Girdle Scones.—Mrs G. James, 1; Miss J. Grant (Hawera), 2; Mrs. L. Wade (Eltham), v.h.c.

Fancy Scones.—Mrs. G. James, 1; Mrs. L. Wade, 2.

Jam Tarts.—Mrs. L. Wade, 1; Mrs. G. James, 2.

Collection Cakes and Pastry.—Mrs. G. James, 1; Mrs. N. J. King, 2.

Gingerbread Cake.—Mrs. G. James, 1; Mrs. G. G. Andrews, 2.

Shortbread.—Mrs. E. Best (Toko), 1; Mrs. T. W. Maunsell (Toko), 2.

Sponge Sandwich Cake.—Mrs. W. Lowdon (Stratford), 1; Mrs. E. Best (Toko), 1; Miss Ellen McFadgen (Cardiff), 2.

Cream Puffs.—Mrs. G. Smart, 1; Mrs. J. M. Shotter, 2.

Coconut Ice.—Mrs. L. Wade, 1; M. Jones, 2.

Best Fruit Cake.—Mrs. Thompson, 1; Mrs. F. Amos, 2.

Pikelets.—Mrs. J. Telfer, 2.

Plum Pudding.—Mrs. J. W. Cross, 1; Mrs. G. Gibby, 2.

Best Plain Home-made Plain Toffee.—Mrs. G. James, 1; Mrs. G. Derby, 2.

Best Plain Home-made Fresh Toffee.—Mrs. George Bain, 1; Mrs. G. James, 2.

Best Plain any other variety Home-made Sweets.—Mrs. W. H. Wilkinson, 1; Mrs. G. James, 2.

Best Plain Home-made Oat Cake.—Miss J. Grant, 1; Mrs. F. Wellington (Toko), 2.

TECHNICAL CLASSES' EXHIBIT.

Woodwork (boot ladder).—R. McMahon, 1; T. Darlington, 2; L. Reader, 3; E. Fischer, v.h.c.; D. Belcher, h.c.; I. Hodgson, c.

METAL WORK.

Hinges.—J. Kilpatrick, 1; A. Heller, 2; A. Cartwright, 3; J. Knight, v.h.c.; C. Phillips, h.c.

HONEY.

Best sample, section honey, not less than three sections (1lb).—Thos. Webb.

Best sample liquid honey, not less than 4lb, in clear glass jar.—Thos. Webb.

Best sample, granulated honey, not less than 4lb, in clear glass jar.—F. Fowler, jun. (Okaiawa), 1; H. R. Fanny (Okaiawa), 2; W. H. Reader, 3.

LEAPING AND OTHER COMPETITIONS.

Maiden Hunters' Competition, open to all horses that have not won a jumping or steeplechase competition at any agricultural Show, over such jumps as the committee shall decide, each horse to carry not less than 12st.—A. Vinton, Kaupokonui, Dusky, 1; W. E. Forbes, Eltham, Mangawhero, 2; A. Mitchell, Manaia, Harpoon (by Ladmitch), 3.

Best Lady Amateur Driver, for ladies who have never won a prize in a driving competition, lady to be only occupant of a vehicle.—Mrs. T. Orr (Ngaire), 1; Mrs. J. Davidson (Stratford), 2; Mrs. J. A. Piper, 3.

Best Lady Driver, ladies to be only occupants of vehicles.—Miss Campbell (Wanganui), 1; Mrs. W. T. Bayly (Stratford), 2; Mrs. R. A. Riches (Eltham), 3.

Maiden Leaping Competition, open to horses and riders that have not competed in any leaping competition, each horse to carry not less than 12st.—Mr. R. Dingle's special.—W. E. Forbes, Mataur, Mangawhero, 1; A. J. Currie, Te Wera, Wild Daisy, 2.

Pony Leaping Competition.—D. J. Mitchell, Princess, 1; J. Wilkie, Storm, 2.

Military Steeplechase.—Corporal Alexander, 1; Sergt.-Major Jennings, 2.

Best Lady Rider, in divided skirts.—Ethel Abbott, Whangamomona, 1; Miss Campbell, Wanganui, 2; Maggie Briggs, Inaha, 3. Nine competitors.

Tent-pegging.—Lieut. Jull (North Taranaki Rifles), 1; Sergeant-Major Jennings (North Taranaki Rifles), 2.

Fours, over Hurdles.—North Taranaki
